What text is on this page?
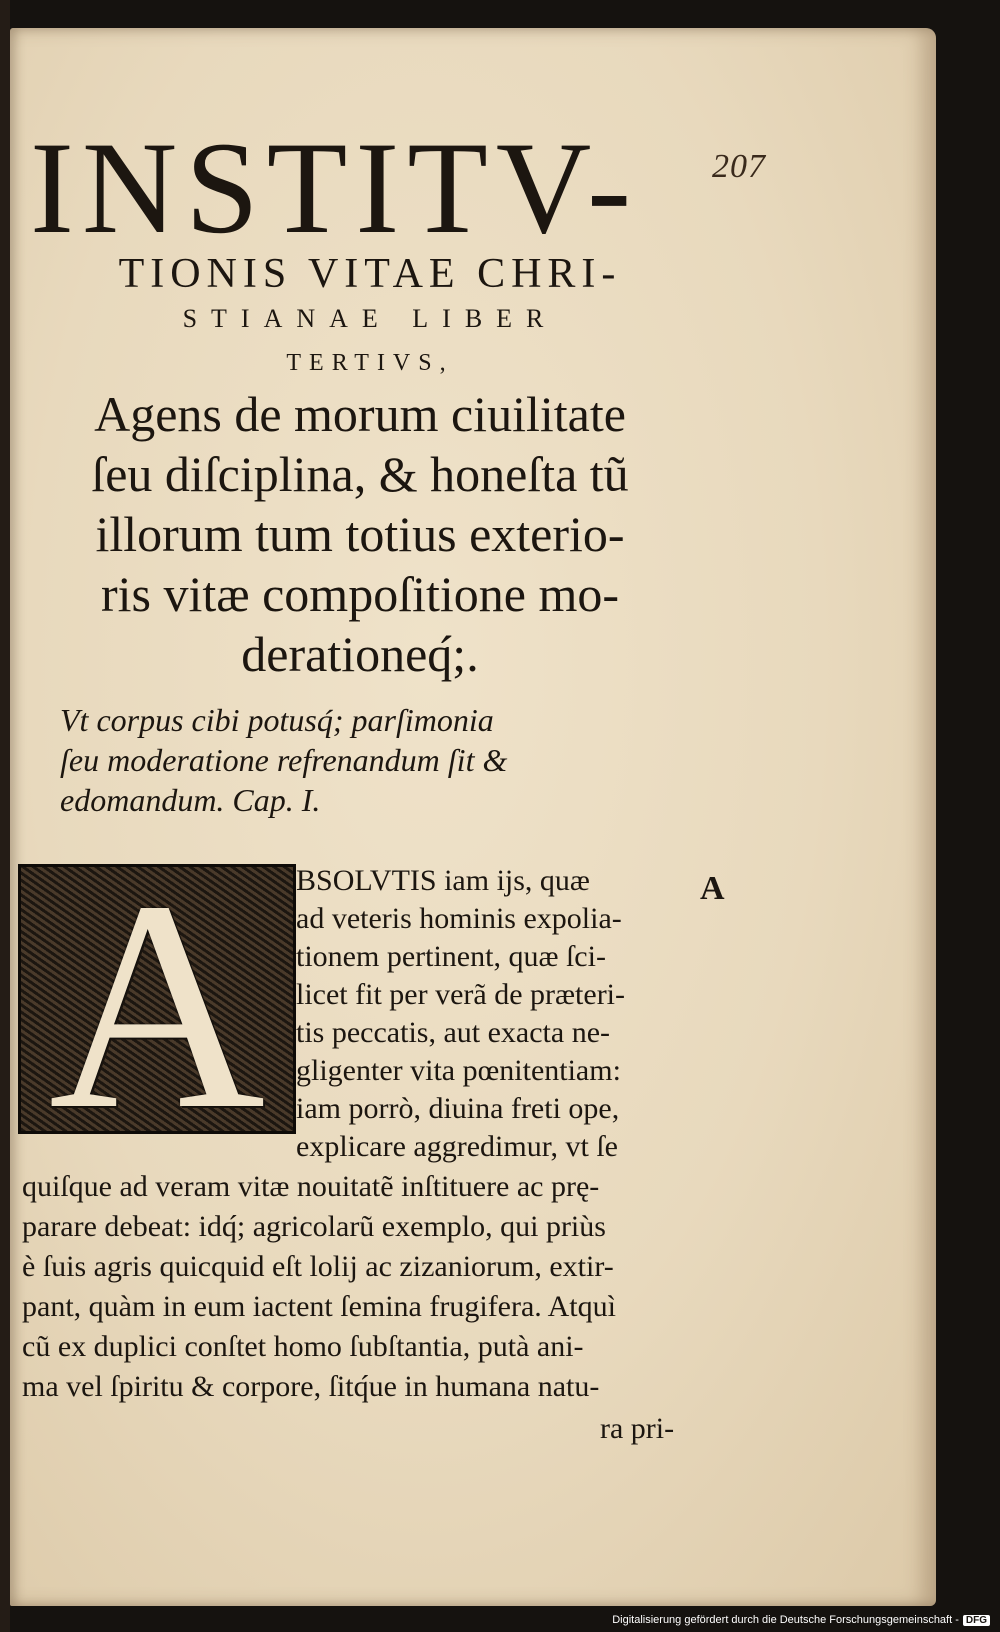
207
INSTITV-
TIONIS VITAE CHRI-
STIANAE LIBER
TERTIVS,
Agens de morum ciuilitate
ſeu diſciplina, & honeſta tũ
illorum tum totius exterio-
ris vitæ compoſitione mo-
derationeq́;.
Vt corpus cibi potusq́; parſimonia
ſeu moderatione refrenandum ſit &
edomandum. Cap. I.
A	A
BSOLVTIS iam ijs, quæ
ad veteris hominis expolia-
tionem pertinent, quæ ſci-
licet fit per verã de præteri-
tis peccatis, aut exacta ne-
gligenter vita pœnitentiam:
iam porrò, diuina freti ope,
explicare aggredimur, vt ſe
quiſque ad veram vitæ nouitatẽ inſtituere ac prę-
parare debeat: idq́; agricolarũ exemplo, qui priùs
è ſuis agris quicquid eſt lolij ac zizaniorum, extir-
pant, quàm in eum iactent ſemina frugifera. Atquì
cũ ex duplici conſtet homo ſubſtantia, putà ani-
ma vel ſpiritu & corpore, ſitq́ue in humana natu-
ra pri-
Digitalisierung gefördert durch die Deutsche Forschungsgemeinschaft - DFG
